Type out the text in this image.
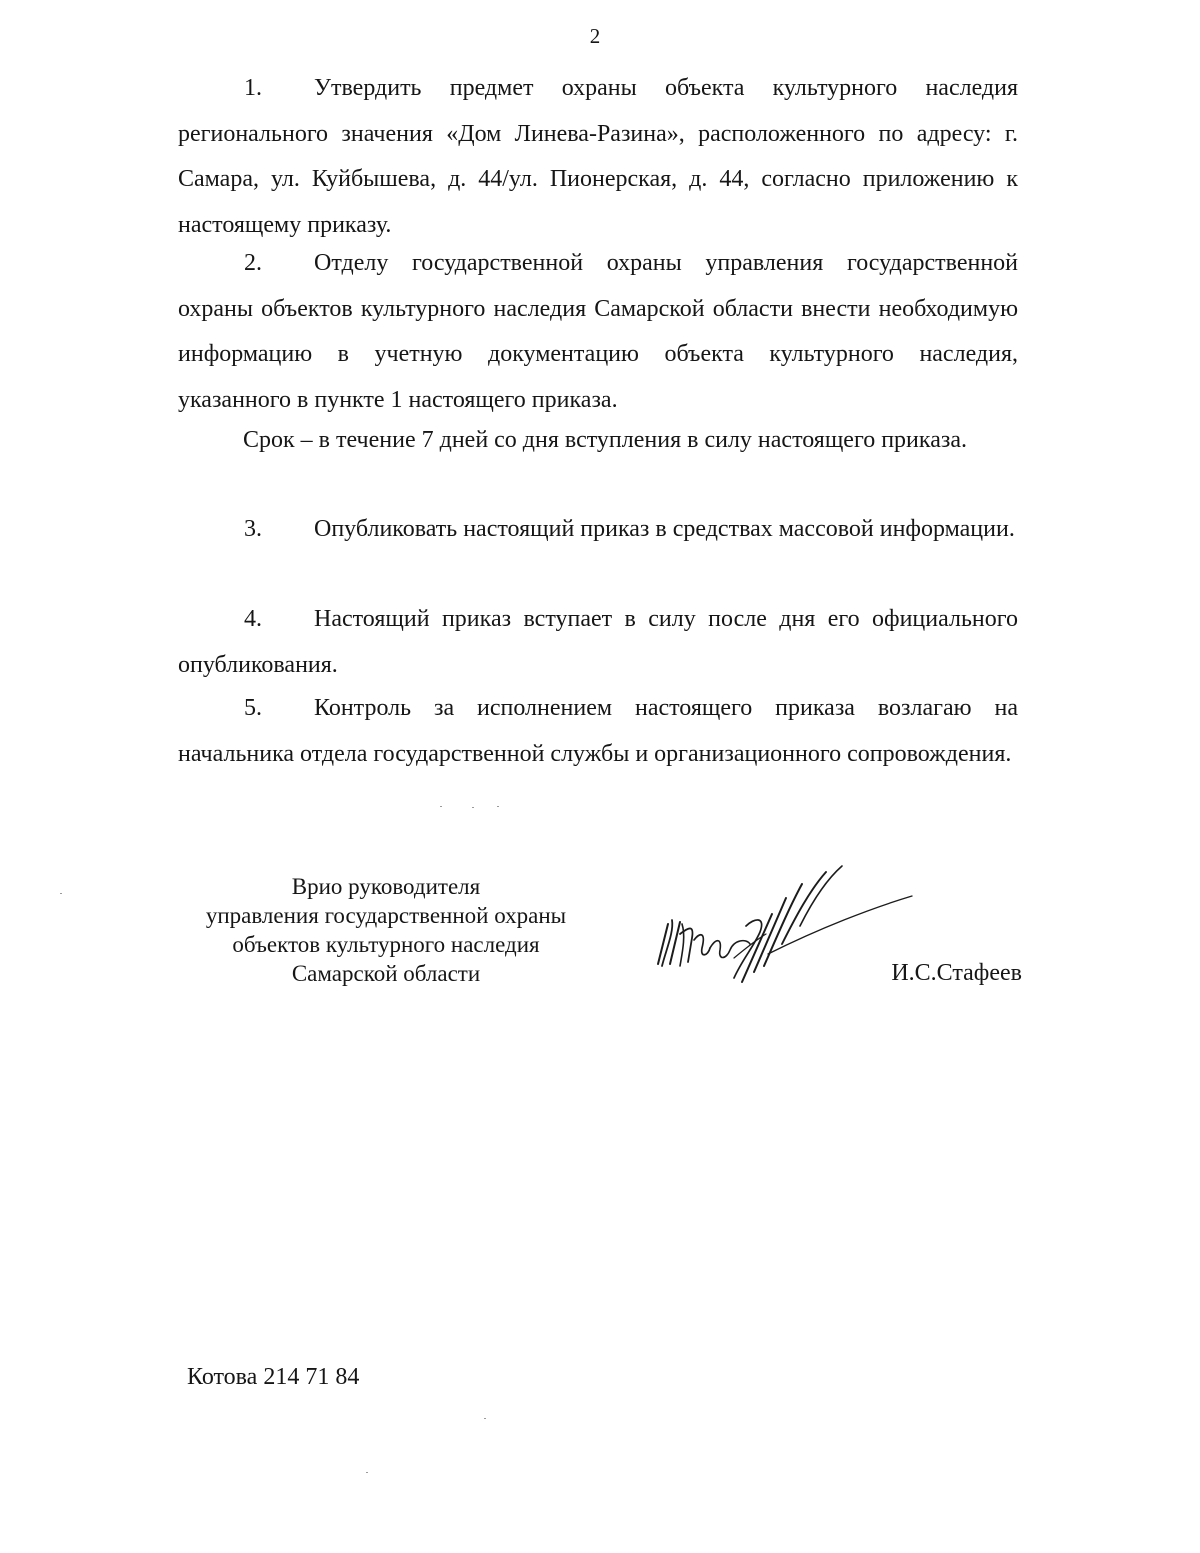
2
1. Утвердить предмет охраны объекта культурного наследия регионального значения «Дом Линева-Разина», расположенного по адресу: г. Самара, ул. Куйбышева, д. 44/ул. Пионерская, д. 44, согласно приложению к настоящему приказу.
2. Отделу государственной охраны управления государственной охраны объектов культурного наследия Самарской области внести необходимую информацию в учетную документацию объекта культурного наследия, указанного в пункте 1 настоящего приказа.
Срок – в течение 7 дней со дня вступления в силу настоящего приказа.
3. Опубликовать настоящий приказ в средствах массовой информации.
4. Настоящий приказ вступает в силу после дня его официального опубликования.
5. Контроль за исполнением настоящего приказа возлагаю на начальника отдела государственной службы и организационного сопровождения.
Врио руководителя
управления государственной охраны
объектов культурного наследия
Самарской области	И.С.Стафеев
Котова 214 71 84
